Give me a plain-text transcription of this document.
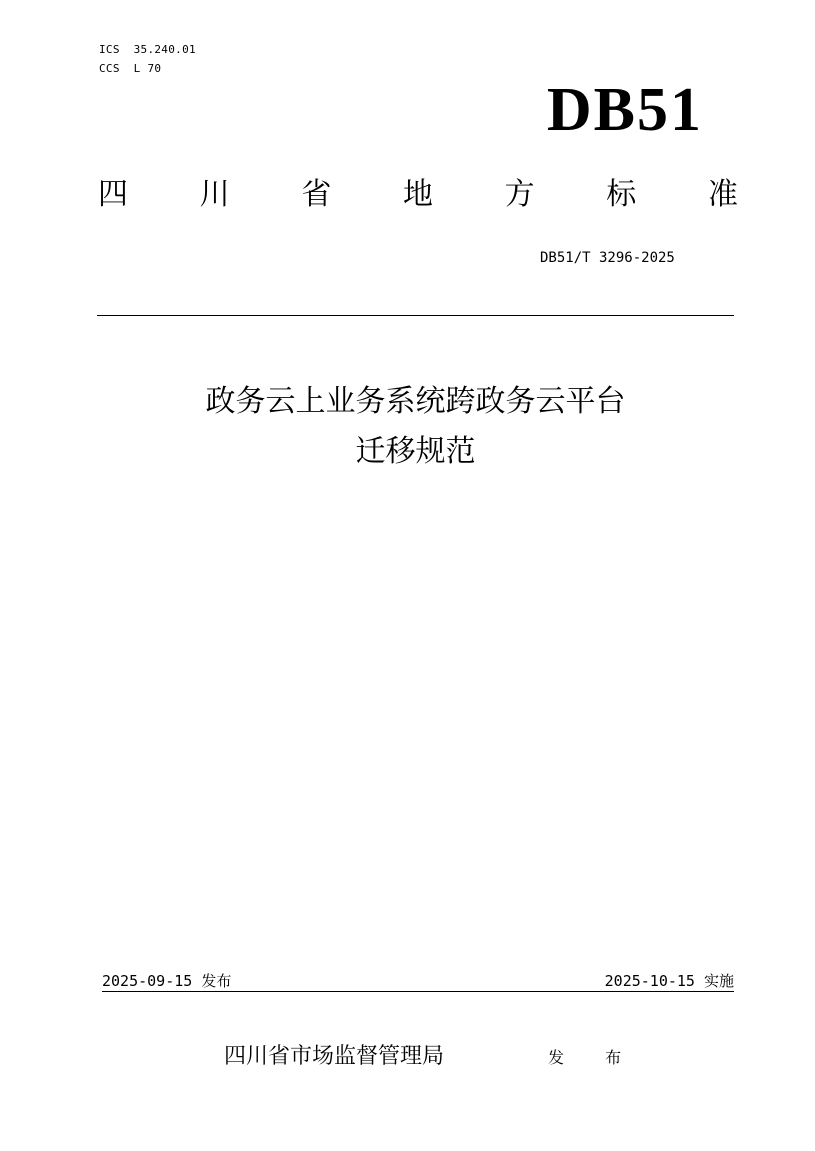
ICS  35.240.01
CCS  L 70
DB51
四 川 省 地 方 标 准
DB51/T 3296-2025
政务云上业务系统跨政务云平台
迁移规范
2025-09-15 发布	2025-10-15 实施
四川省市场监督管理局	发 布
